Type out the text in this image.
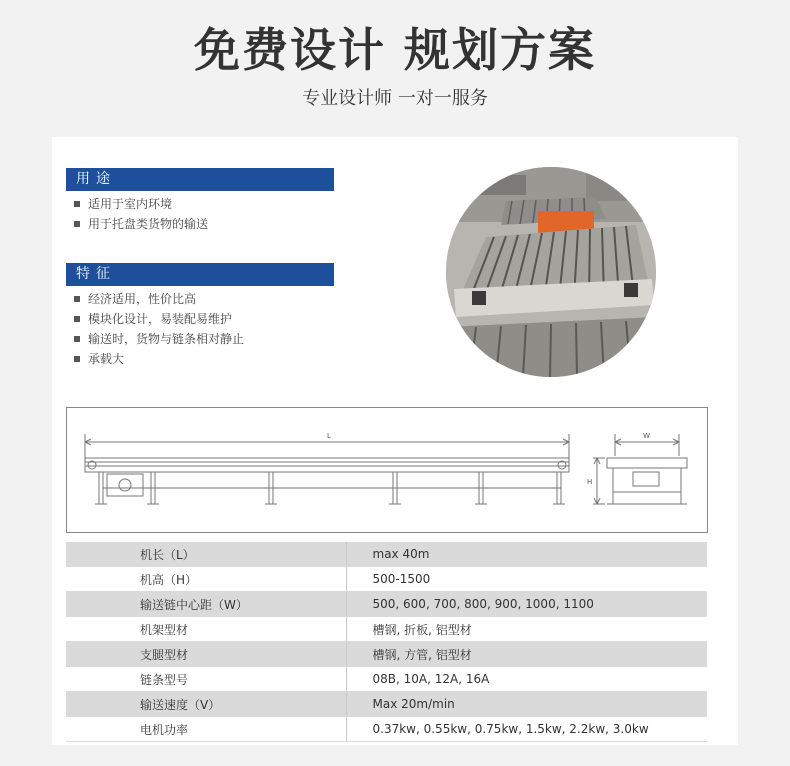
免费设计 规划方案
专业设计师 一对一服务
用途
适用于室内环境
用于托盘类货物的输送
特征
经济适用，性价比高
模块化设计，易装配易维护
输送时，货物与链条相对静止
承载大
L	W
H
机长（L）	max 40m
机高（H）	500-1500
输送链中心距（W）	500, 600, 700, 800, 900, 1000, 1100
机架型材	槽钢, 折板, 铝型材
支腿型材	槽钢, 方管, 铝型材
链条型号	08B, 10A, 12A, 16A
输送速度（V）	Max 20m/min
电机功率	0.37kw, 0.55kw, 0.75kw, 1.5kw, 2.2kw, 3.0kw
